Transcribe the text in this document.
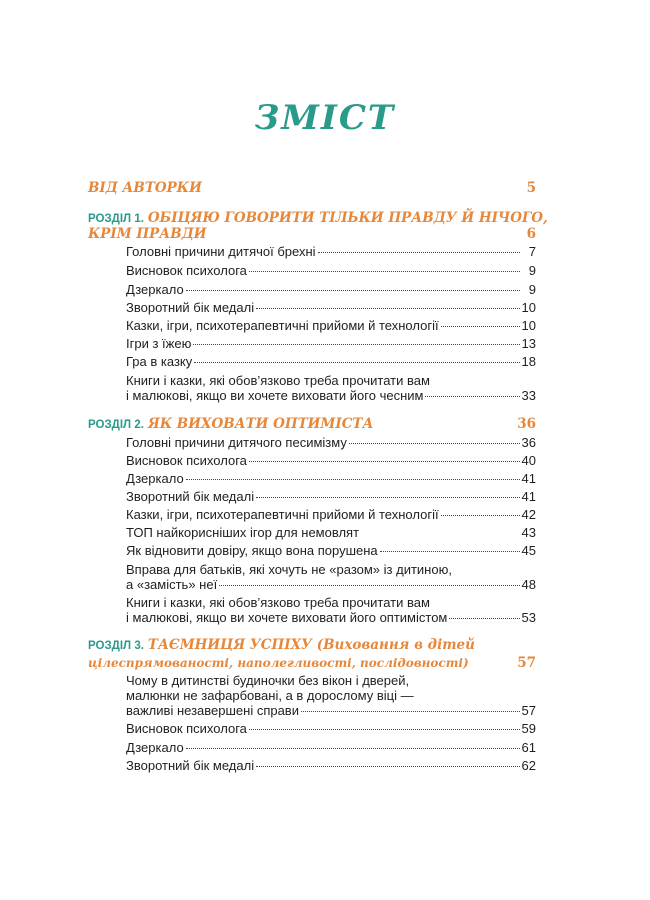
ЗМІСТ
ВІД АВТОРКИ	5
РОЗДІЛ 1. ОБІЦЯЮ ГОВОРИТИ ТІЛЬКИ ПРАВДУ Й НІЧОГО,
КРІМ ПРАВДИ	6
Головні причини дитячої брехні	7
Висновок психолога	9
Дзеркало	9
Зворотний бік медалі	10
Казки, ігри, психотерапевтичні прийоми й технології	10
Ігри з їжею	13
Гра в казку	18
Книги і казки, які обов’язково треба прочитати вам
і малюкові, якщо ви хочете виховати його чесним	33
РОЗДІЛ 2. ЯК ВИХОВАТИ ОПТИМІСТА	36
Головні причини дитячого песимізму	36
Висновок психолога	40
Дзеркало	41
Зворотний бік медалі	41
Казки, ігри, психотерапевтичні прийоми й технології	42
ТОП найкорисніших ігор для немовлят	43
Як відновити довіру, якщо вона порушена	45
Вправа для батьків, які хочуть не «разом» із дитиною,
а «замість» неї	48
Книги і казки, які обов’язково треба прочитати вам
і малюкові, якщо ви хочете виховати його оптимістом	53
РОЗДІЛ 3. ТАЄМНИЦЯ УСПІХУ (Виховання в дітей
цілеспрямованості, наполегливості, послідовності)	57
Чому в дитинстві будиночки без вікон і дверей,
малюнки не зафарбовані, а в дорослому віці —
важливі незавершені справи	57
Висновок психолога	59
Дзеркало	61
Зворотний бік медалі	62
